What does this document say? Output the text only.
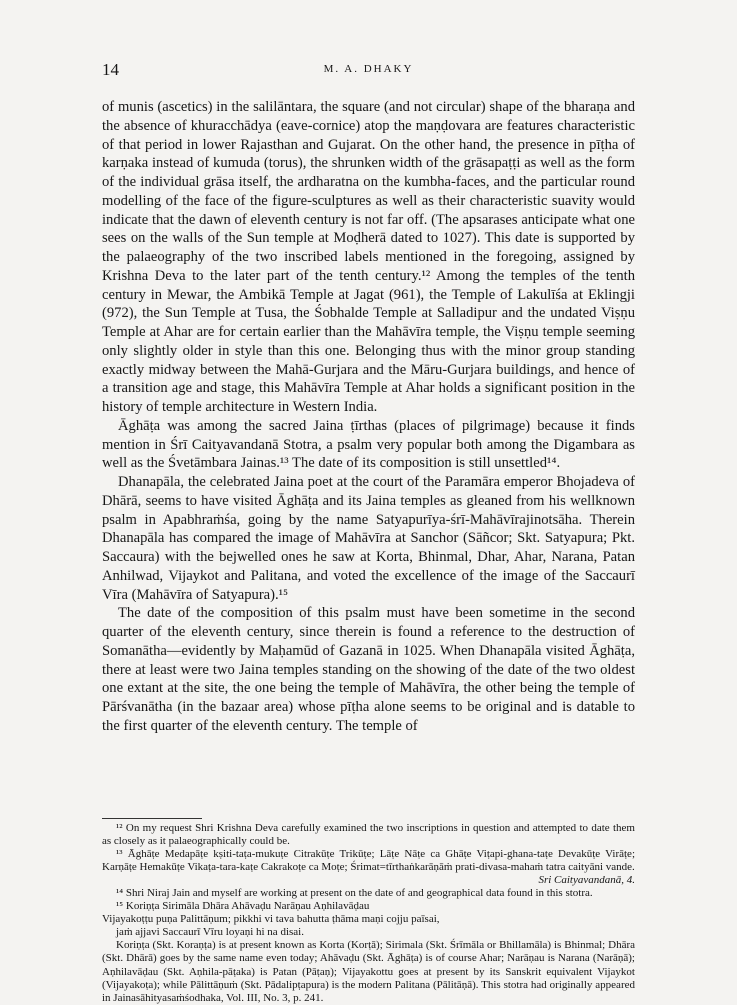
14	M. A. DHAKY

of munis (ascetics) in the salilāntara, the square (and not circular) shape of the bharaṇa and the absence of khuracchādya (eave-cornice) atop the maṇḍovara are features characteristic of that period in lower Rajasthan and Gujarat. On the other hand, the presence in pīṭha of karṇaka instead of kumuda (torus), the shrunken width of the grāsapaṭṭi as well as the form of the individual grāsa itself, the ardharatna on the kumbha-faces, and the particular round modelling of the face of the figure-sculptures as well as their characteristic suavity would indicate that the dawn of eleventh century is not far off. (The apsarases anticipate what one sees on the walls of the Sun temple at Moḍherā dated to 1027). This date is supported by the palaeography of the two inscribed labels mentioned in the foregoing, assigned by Krishna Deva to the later part of the tenth century.¹² Among the temples of the tenth century in Mewar, the Ambikā Temple at Jagat (961), the Temple of Lakulīśa at Eklingji (972), the Sun Temple at Tusa, the Śobhalde Temple at Salladipur and the undated Viṣṇu Temple at Ahar are for certain earlier than the Mahāvīra temple, the Viṣṇu temple seeming only slightly older in style than this one. Belonging thus with the minor group standing exactly midway between the Mahā-Gurjara and the Māru-Gurjara buildings, and hence of a transition age and stage, this Mahāvīra Temple at Ahar holds a significant position in the history of temple architecture in Western India.

Āghāṭa was among the sacred Jaina ṭīrthas (places of pilgrimage) because it finds mention in Śrī Caityavandanā Stotra, a psalm very popular both among the Digambara as well as the Śvetāmbara Jainas.¹³ The date of its composition is still unsettled¹⁴.

Dhanapāla, the celebrated Jaina poet at the court of the Paramāra emperor Bhojadeva of Dhārā, seems to have visited Āghāṭa and its Jaina temples as gleaned from his wellknown psalm in Apabhraṁśa, going by the name Satyapurīya-śrī-Mahāvīrajinotsāha. Therein Dhanapāla has compared the image of Mahāvīra at Sanchor (Sāñcor; Skt. Satyapura; Pkt. Saccaura) with the bejwelled ones he saw at Korta, Bhinmal, Dhar, Ahar, Narana, Patan Anhilwad, Vijaykot and Palitana, and voted the excellence of the image of the Saccaurī Vīra (Mahāvīra of Satyapura).¹⁵

The date of the composition of this psalm must have been sometime in the second quarter of the eleventh century, since therein is found a reference to the destruction of Somanātha—evidently by Maḥamūd of Gazanā in 1025. When Dhanapāla visited Āghāṭa, there at least were two Jaina temples standing on the showing of the date of the two oldest one extant at the site, the one being the temple of Mahāvīra, the other being the temple of Pārśvanātha (in the bazaar area) whose pīṭha alone seems to be original and is datable to the first quarter of the eleventh century. The temple of

¹² On my request Shri Krishna Deva carefully examined the two inscriptions in question and attempted to date them as closely as it palaeographically could be.

¹³ Āghāṭe Medapāṭe kṣiti-taṭa-mukuṭe Citrakūṭe Trikūṭe; Lāṭe Nāṭe ca Ghāṭe Viṭapi-ghana-taṭe Devakūṭe Virāṭe; Karṇāṭe Hemakūṭe Vikaṭa-tara-kaṭe Cakrakoṭe ca Moṭe; Śrimat=tīrthaṅkarāṇāṁ prati-divasa-mahaṁ tatra caityāni vande.

Sri Caityavandanā, 4.

¹⁴ Shri Niraj Jain and myself are working at present on the date of and geographical data found in this stotra.

¹⁵ Koriṇṭa Sirimāla Dhāra Ahāvaḍu Narāṇau Aṇhilavāḍau

Vijayakoṭṭu puṇa Palittāṇum; pikkhi vi tava bahutta ṭhāma maṇi cojju paīsai,

jaṁ ajjavi Saccaurī Vīru loyaṇi hi na disai.

Koriṇṭa (Skt. Koraṇṭa) is at present known as Korta (Korṭā); Sirimala (Skt. Śrīmāla or Bhillamāla) is Bhinmal; Dhāra (Skt. Dhārā) goes by the same name even today; Ahāvaḍu (Skt. Āghāṭa) is of course Ahar; Narāṇau is Narana (Narāṇā); Aṇhilavāḍau (Skt. Aṇhila-pāṭaka) is Patan (Pāṭaṇ); Vijayakottu goes at present by its Sanskrit equivalent Vijaykot (Vijayakoṭa); while Pālittāṇuṁ (Skt. Pādalipṭapura) is the modern Palitana (Pālitāṇā). This stotra had originally appeared in Jainasāhityasaṁśodhaka, Vol. III, No. 3, p. 241.
